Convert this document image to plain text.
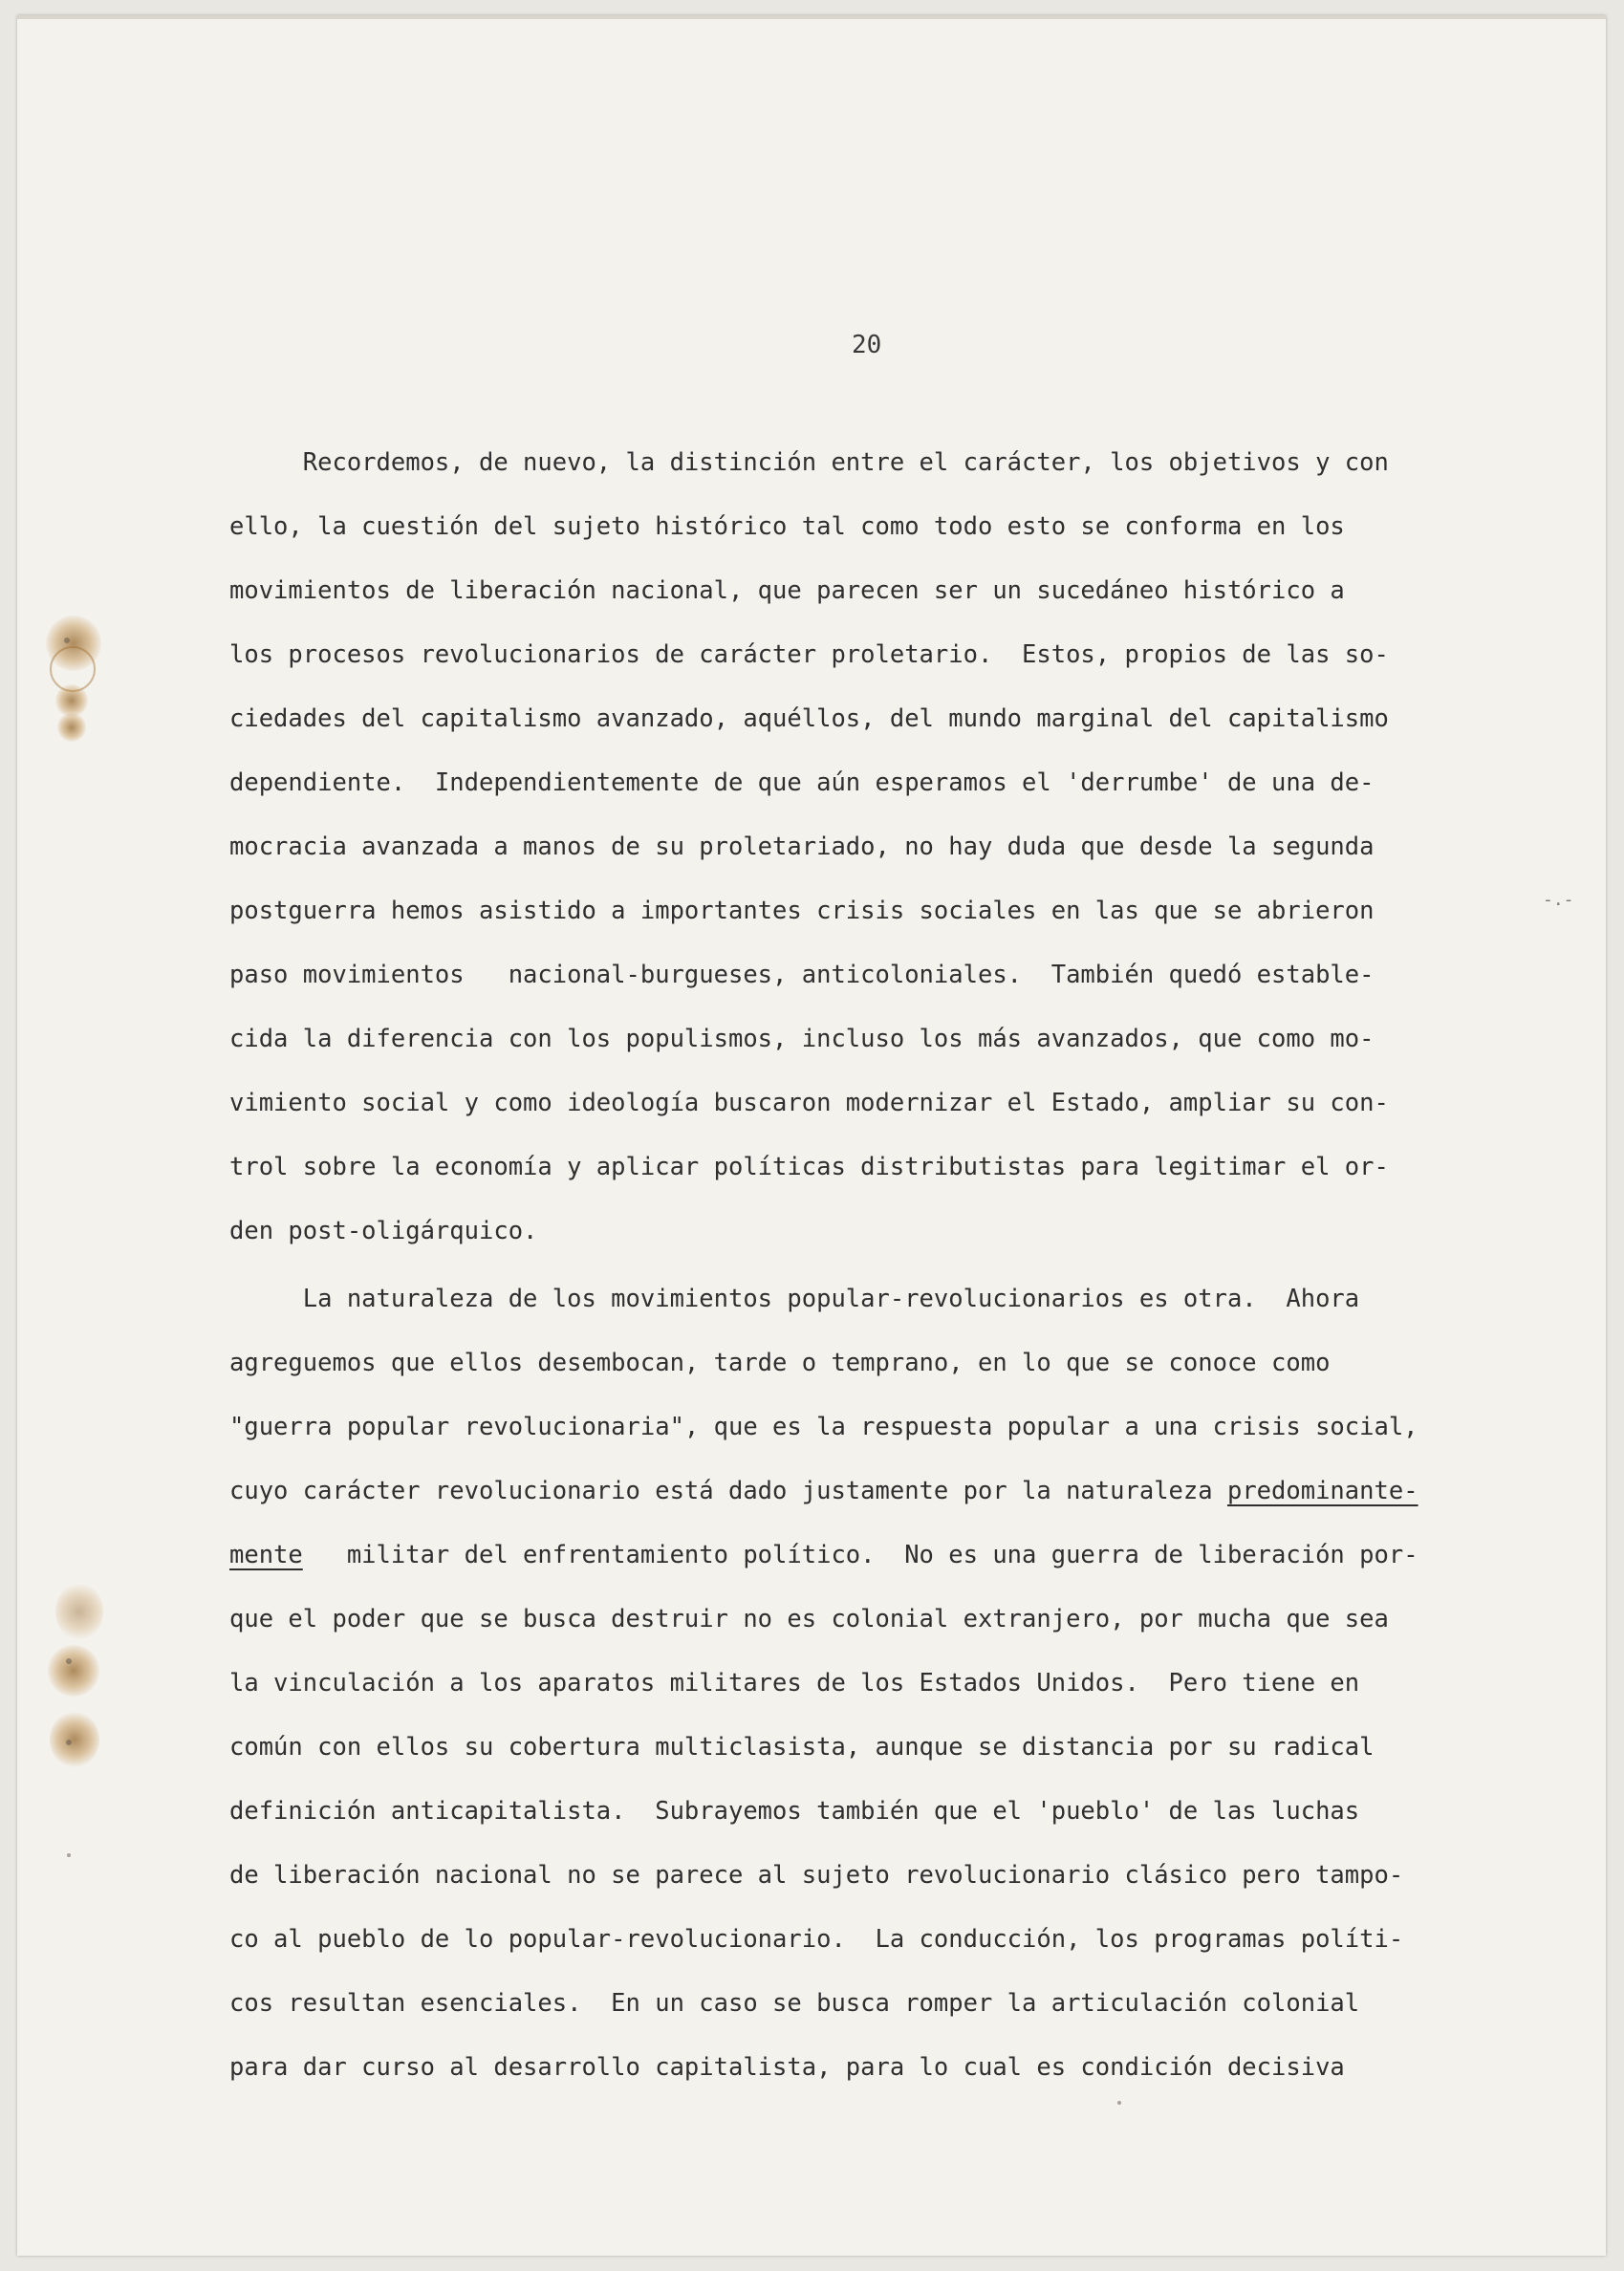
-.-
20
Recordemos, de nuevo, la distinción entre el carácter, los objetivos y con
ello, la cuestión del sujeto histórico tal como todo esto se conforma en los
movimientos de liberación nacional, que parecen ser un sucedáneo histórico a
los procesos revolucionarios de carácter proletario.  Estos, propios de las so-
ciedades del capitalismo avanzado, aquéllos, del mundo marginal del capitalismo
dependiente.  Independientemente de que aún esperamos el 'derrumbe' de una de-
mocracia avanzada a manos de su proletariado, no hay duda que desde la segunda
postguerra hemos asistido a importantes crisis sociales en las que se abrieron
paso movimientos   nacional-burgueses, anticoloniales.  También quedó estable-
cida la diferencia con los populismos, incluso los más avanzados, que como mo-
vimiento social y como ideología buscaron modernizar el Estado, ampliar su con-
trol sobre la economía y aplicar políticas distributistas para legitimar el or-
den post-oligárquico.
La naturaleza de los movimientos popular-revolucionarios es otra.  Ahora
agreguemos que ellos desembocan, tarde o temprano, en lo que se conoce como
"guerra popular revolucionaria", que es la respuesta popular a una crisis social,
cuyo carácter revolucionario está dado justamente por la naturaleza predominante-
mente   militar del enfrentamiento político.  No es una guerra de liberación por-
que el poder que se busca destruir no es colonial extranjero, por mucha que sea
la vinculación a los aparatos militares de los Estados Unidos.  Pero tiene en
común con ellos su cobertura multiclasista, aunque se distancia por su radical
definición anticapitalista.  Subrayemos también que el 'pueblo' de las luchas
de liberación nacional no se parece al sujeto revolucionario clásico pero tampo-
co al pueblo de lo popular-revolucionario.  La conducción, los programas políti-
cos resultan esenciales.  En un caso se busca romper la articulación colonial
para dar curso al desarrollo capitalista, para lo cual es condición decisiva
